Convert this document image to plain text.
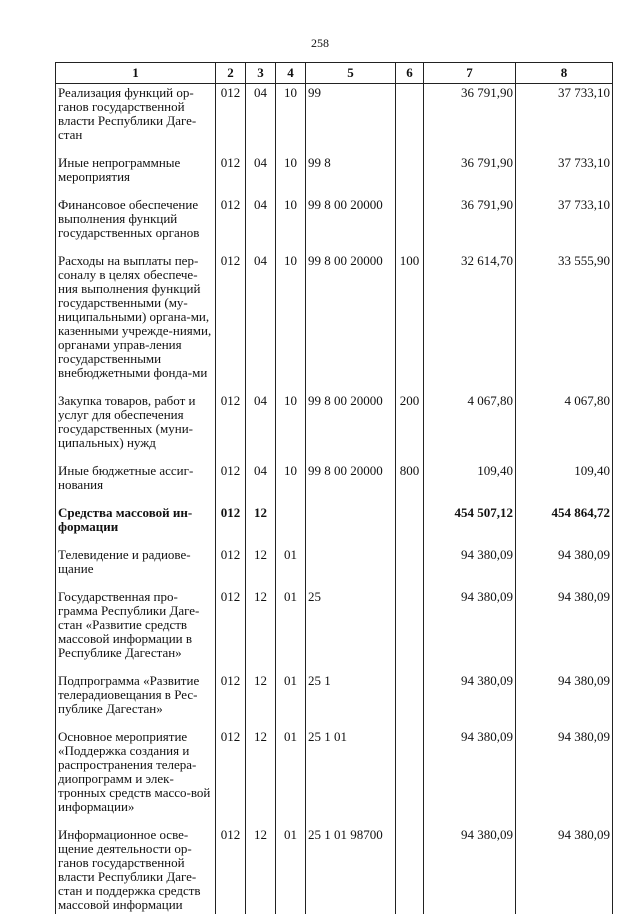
258
1	2	3	4	5	6	7	8
Реализация функций ор-ганов государственной власти Республики Даге-стан	012	04	10	99		36 791,90	37 733,10
Иные непрограммные мероприятия	012	04	10	99 8		36 791,90	37 733,10
Финансовое обеспечение выполнения функций государственных органов	012	04	10	99 8 00 20000		36 791,90	37 733,10
Расходы на выплаты пер-соналу в целях обеспече-ния выполнения функций государственными (му-ниципальными) органа-ми, казенными учрежде-ниями, органами управ-ления государственными внебюджетными фонда-ми	012	04	10	99 8 00 20000	100	32 614,70	33 555,90
Закупка товаров, работ и услуг для обеспечения государственных (муни-ципальных) нужд	012	04	10	99 8 00 20000	200	4 067,80	4 067,80
Иные бюджетные ассиг-нования	012	04	10	99 8 00 20000	800	109,40	109,40
Средства массовой ин-формации	012	12				454 507,12	454 864,72
Телевидение и радиове-щание	012	12	01			94 380,09	94 380,09
Государственная про-грамма Республики Даге-стан «Развитие средств массовой информации в Республике Дагестан»	012	12	01	25		94 380,09	94 380,09
Подпрограмма «Развитие телерадиовещания в Рес-публике Дагестан»	012	12	01	25 1		94 380,09	94 380,09
Основное мероприятие «Поддержка создания и распространения телера-диопрограмм и элек-тронных средств массо-вой информации»	012	12	01	25 1 01		94 380,09	94 380,09
Информационное осве-щение деятельности ор-ганов государственной власти Республики Даге-стан и поддержка средств массовой информации	012	12	01	25 1 01 98700		94 380,09	94 380,09
